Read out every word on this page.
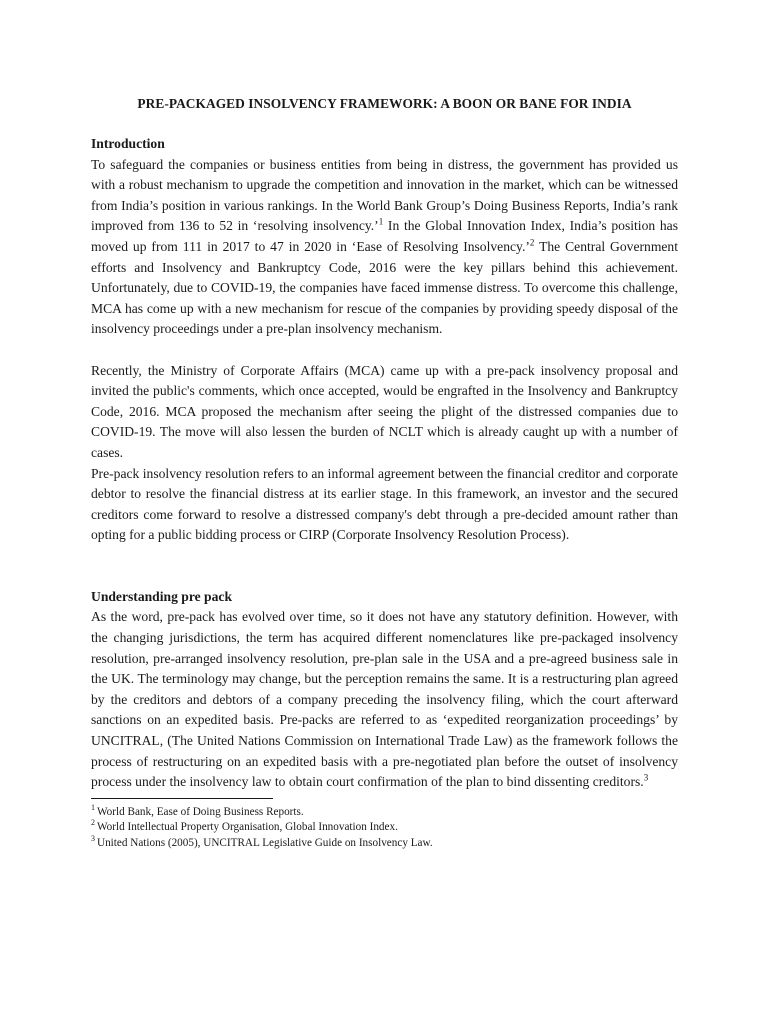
PRE-PACKAGED INSOLVENCY FRAMEWORK: A BOON OR BANE FOR INDIA
Introduction

To safeguard the companies or business entities from being in distress, the government has provided us with a robust mechanism to upgrade the competition and innovation in the market, which can be witnessed from India’s position in various rankings. In the World Bank Group’s Doing Business Reports, India’s rank improved from 136 to 52 in ‘resolving insolvency.’$^1$ In the Global Innovation Index, India’s position has moved up from 111 in 2017 to 47 in 2020 in ‘Ease of Resolving Insolvency.’$^2$ The Central Government efforts and Insolvency and Bankruptcy Code, 2016 were the key pillars behind this achievement. Unfortunately, due to COVID-19, the companies have faced immense distress. To overcome this challenge, MCA has come up with a new mechanism for rescue of the companies by providing speedy disposal of the insolvency proceedings under a pre-plan insolvency mechanism.

Recently, the Ministry of Corporate Affairs (MCA) came up with a pre-pack insolvency proposal and invited the public's comments, which once accepted, would be engrafted in the Insolvency and Bankruptcy Code, 2016. MCA proposed the mechanism after seeing the plight of the distressed companies due to COVID-19. The move will also lessen the burden of NCLT which is already caught up with a number of cases.

Pre-pack insolvency resolution refers to an informal agreement between the financial creditor and corporate debtor to resolve the financial distress at its earlier stage. In this framework, an investor and the secured creditors come forward to resolve a distressed company's debt through a pre-decided amount rather than opting for a public bidding process or CIRP (Corporate Insolvency Resolution Process).

Understanding pre pack

As the word, pre-pack has evolved over time, so it does not have any statutory definition. However, with the changing jurisdictions, the term has acquired different nomenclatures like pre-packaged insolvency resolution, pre-arranged insolvency resolution, pre-plan sale in the USA and a pre-agreed business sale in the UK. The terminology may change, but the perception remains the same. It is a restructuring plan agreed by the creditors and debtors of a company preceding the insolvency filing, which the court afterward sanctions on an expedited basis. Pre-packs are referred to as ‘expedited reorganization proceedings’ by UNCITRAL, (The United Nations Commission on International Trade Law) as the framework follows the process of restructuring on an expedited basis with a pre-negotiated plan before the outset of insolvency process under the insolvency law to obtain court confirmation of the plan to bind dissenting creditors.$^3$

$^1$ World Bank, Ease of Doing Business Reports.

$^2$ World Intellectual Property Organisation, Global Innovation Index.

$^3$ United Nations (2005), UNCITRAL Legislative Guide on Insolvency Law.
